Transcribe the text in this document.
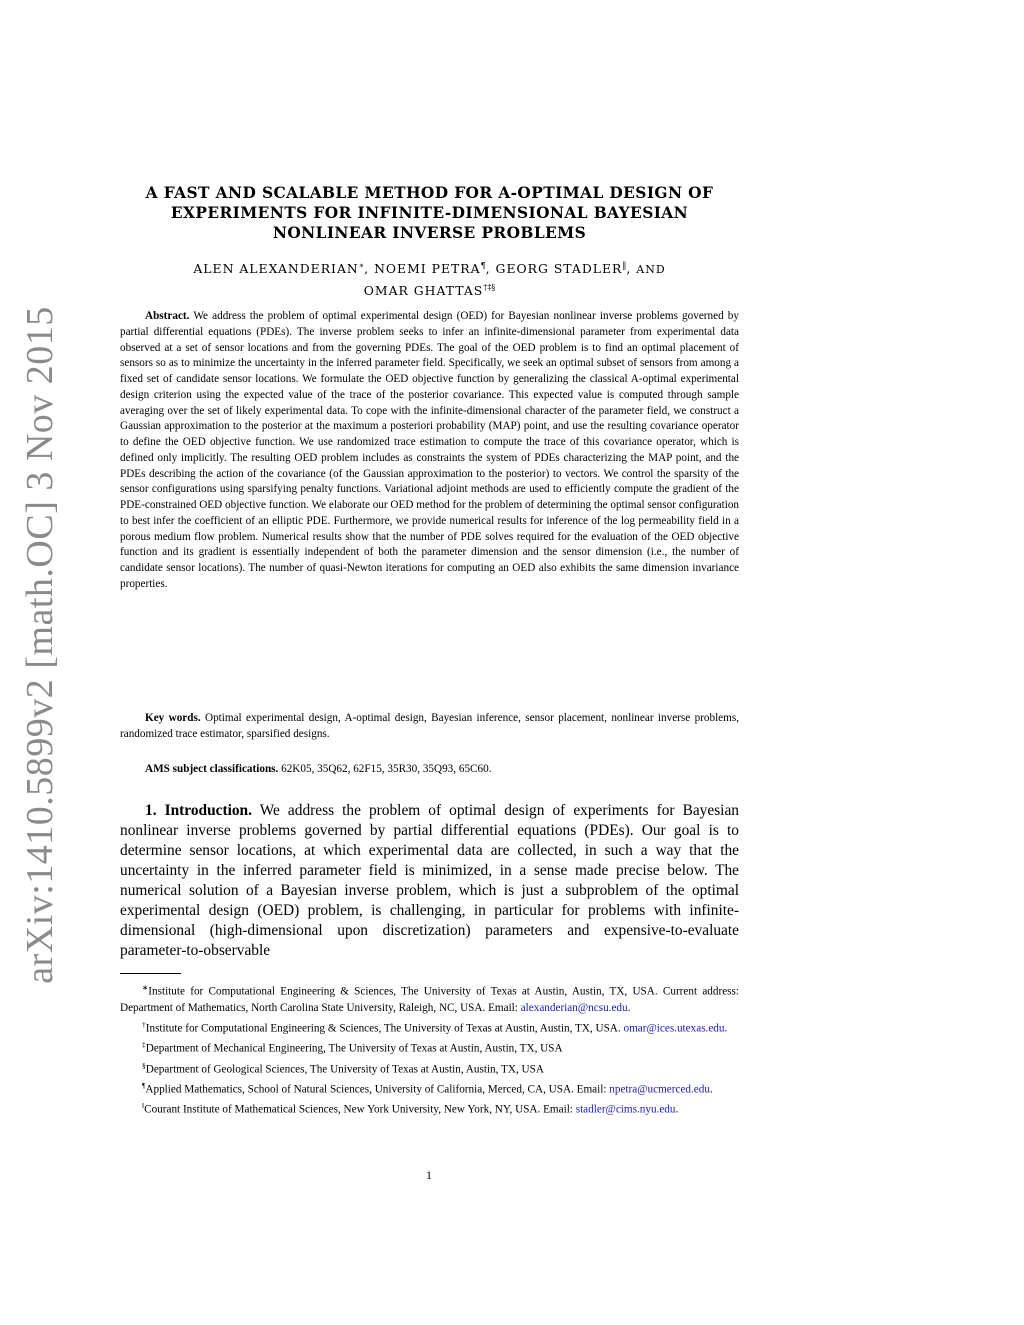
arXiv:1410.5899v2 [math.OC] 3 Nov 2015
A FAST AND SCALABLE METHOD FOR A-OPTIMAL DESIGN OF
EXPERIMENTS FOR INFINITE-DIMENSIONAL BAYESIAN
NONLINEAR INVERSE PROBLEMS
ALEN ALEXANDERIAN∗, NOEMI PETRA¶, GEORG STADLER‖, AND
OMAR GHATTAS†‡§
Abstract. We address the problem of optimal experimental design (OED) for Bayesian nonlinear inverse problems governed by partial differential equations (PDEs). The inverse problem seeks to infer an infinite-dimensional parameter from experimental data observed at a set of sensor locations and from the governing PDEs. The goal of the OED problem is to find an optimal placement of sensors so as to minimize the uncertainty in the inferred parameter field. Specifically, we seek an optimal subset of sensors from among a fixed set of candidate sensor locations. We formulate the OED objective function by generalizing the classical A-optimal experimental design criterion using the expected value of the trace of the posterior covariance. This expected value is computed through sample averaging over the set of likely experimental data. To cope with the infinite-dimensional character of the parameter field, we construct a Gaussian approximation to the posterior at the maximum a posteriori probability (MAP) point, and use the resulting covariance operator to define the OED objective function. We use randomized trace estimation to compute the trace of this covariance operator, which is defined only implicitly. The resulting OED problem includes as constraints the system of PDEs characterizing the MAP point, and the PDEs describing the action of the covariance (of the Gaussian approximation to the posterior) to vectors. We control the sparsity of the sensor configurations using sparsifying penalty functions. Variational adjoint methods are used to efficiently compute the gradient of the PDE-constrained OED objective function. We elaborate our OED method for the problem of determining the optimal sensor configuration to best infer the coefficient of an elliptic PDE. Furthermore, we provide numerical results for inference of the log permeability field in a porous medium flow problem. Numerical results show that the number of PDE solves required for the evaluation of the OED objective function and its gradient is essentially independent of both the parameter dimension and the sensor dimension (i.e., the number of candidate sensor locations). The number of quasi-Newton iterations for computing an OED also exhibits the same dimension invariance properties.
Key words. Optimal experimental design, A-optimal design, Bayesian inference, sensor placement, nonlinear inverse problems, randomized trace estimator, sparsified designs.
AMS subject classifications. 62K05, 35Q62, 62F15, 35R30, 35Q93, 65C60.
1. Introduction. We address the problem of optimal design of experiments for Bayesian nonlinear inverse problems governed by partial differential equations (PDEs). Our goal is to determine sensor locations, at which experimental data are collected, in such a way that the uncertainty in the inferred parameter field is minimized, in a sense made precise below. The numerical solution of a Bayesian inverse problem, which is just a subproblem of the optimal experimental design (OED) problem, is challenging, in particular for problems with infinite-dimensional (high-dimensional upon discretization) parameters and expensive-to-evaluate parameter-to-observable

∗Institute for Computational Engineering & Sciences, The University of Texas at Austin, Austin, TX, USA. Current address: Department of Mathematics, North Carolina State University, Raleigh, NC, USA. Email: alexanderian@ncsu.edu.

†Institute for Computational Engineering & Sciences, The University of Texas at Austin, Austin, TX, USA. omar@ices.utexas.edu.

‡Department of Mechanical Engineering, The University of Texas at Austin, Austin, TX, USA

§Department of Geological Sciences, The University of Texas at Austin, Austin, TX, USA

¶Applied Mathematics, School of Natural Sciences, University of California, Merced, CA, USA. Email: npetra@ucmerced.edu.

‖Courant Institute of Mathematical Sciences, New York University, New York, NY, USA. Email: stadler@cims.nyu.edu.

1
